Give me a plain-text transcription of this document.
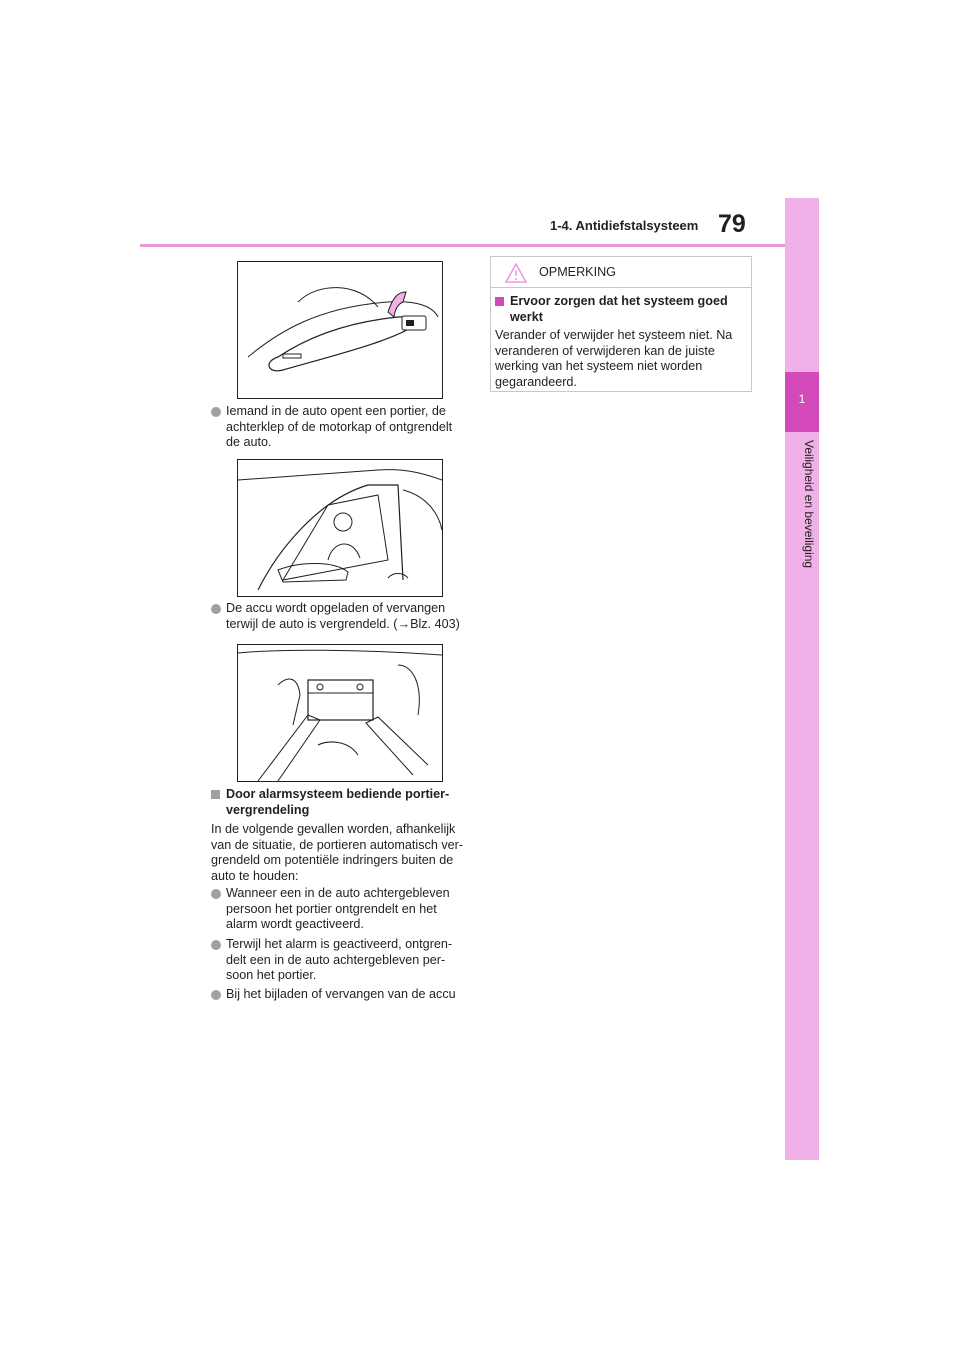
1-4. Antidiefstalsysteem 79
1
Veiligheid en beveiliging
Iemand in de auto opent een portier, de
achterklep of de motorkap of ontgrendelt
de auto.
De accu wordt opgeladen of vervangen
terwijl de auto is vergrendeld. (→Blz. 403)
Door alarmsysteem bediende portier-
vergrendeling
In de volgende gevallen worden, afhankelijk
van de situatie, de portieren automatisch ver-
grendeld om potentiële indringers buiten de
auto te houden:
Wanneer een in de auto achtergebleven
persoon het portier ontgrendelt en het
alarm wordt geactiveerd.
Terwijl het alarm is geactiveerd, ontgren-
delt een in de auto achtergebleven per-
soon het portier.
Bij het bijladen of vervangen van de accu
OPMERKING
Ervoor zorgen dat het systeem goed
werkt
Verander of verwijder het systeem niet. Na
veranderen of verwijderen kan de juiste
werking van het systeem niet worden
gegarandeerd.
